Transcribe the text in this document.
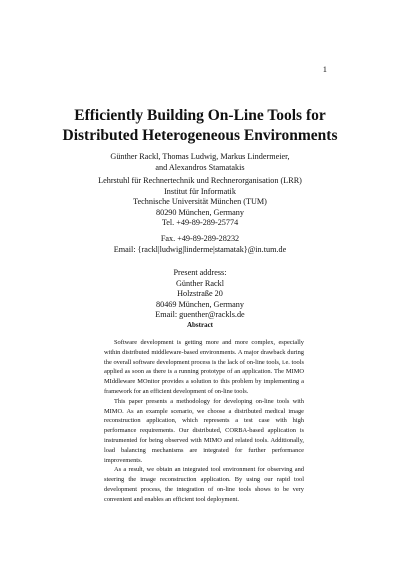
1
Efficiently Building On-Line Tools for
Distributed Heterogeneous Environments
Günther Rackl, Thomas Ludwig, Markus Lindermeier,
and Alexandros Stamatakis
Lehrstuhl für Rechnertechnik und Rechnerorganisation (LRR)
Institut für Informatik
Technische Universität München (TUM)
80290 München, Germany
Tel. +49-89-289-25774
Fax. +49-89-289-28232
Email: {rackl|ludwig|linderme|stamatak}@in.tum.de
Present address:
Günther Rackl
Holzstraße 20
80469 München, Germany
Email: guenther@rackls.de
Abstract

Software development is getting more and more complex, especially within distributed middleware-based environments. A major drawback during the overall software development process is the lack of on-line tools, i.e. tools applied as soon as there is a running prototype of an application. The MIMO MIddleware MOnitor provides a solution to this problem by implementing a framework for an efficient development of on-line tools.

This paper presents a methodology for developing on-line tools with MIMO. As an example scenario, we choose a distributed medical image reconstruction application, which represents a test case with high performance requirements. Our distributed, CORBA-based application is instrumented for being observed with MIMO and related tools. Additionally, load balancing mechanisms are integrated for further performance improvements.

As a result, we obtain an integrated tool environment for observing and steering the image reconstruction application. By using our rapid tool development process, the integration of on-line tools shows to be very convenient and enables an efficient tool deployment.
